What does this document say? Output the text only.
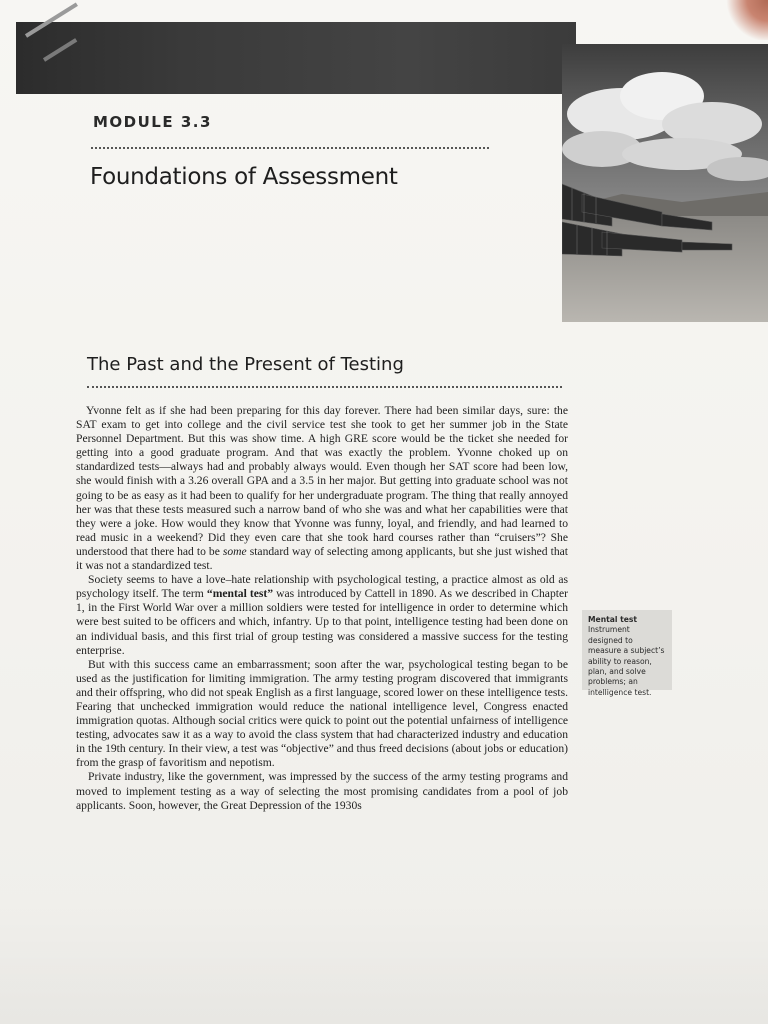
MODULE 3.3
Foundations of Assessment
The Past and the Present of Testing

Yvonne felt as if she had been preparing for this day forever. There had been similar days, sure: the SAT exam to get into college and the civil service test she took to get her summer job in the State Personnel Department. But this was show time. A high GRE score would be the ticket she needed for getting into a good graduate program. And that was exactly the problem. Yvonne choked up on standardized tests—always had and probably always would. Even though her SAT score had been low, she would finish with a 3.26 overall GPA and a 3.5 in her major. But getting into graduate school was not going to be as easy as it had been to qualify for her undergraduate program. The thing that really annoyed her was that these tests measured such a narrow band of who she was and what her capabilities were that they were a joke. How would they know that Yvonne was funny, loyal, and friendly, and had learned to read music in a weekend? Did they even care that she took hard courses rather than “cruisers”? She understood that there had to be some standard way of selecting among applicants, but she just wished that it was not a standardized test.

Society seems to have a love–hate relationship with psychological testing, a practice almost as old as psychology itself. The term “mental test” was introduced by Cattell in 1890. As we described in Chapter 1, in the First World War over a million soldiers were tested for intelligence in order to determine which were best suited to be officers and which, infantry. Up to that point, intelligence testing had been done on an individual basis, and this first trial of group testing was considered a massive success for the testing enterprise.

But with this success came an embarrassment; soon after the war, psychological testing began to be used as the justification for limiting immigration. The army testing program discovered that immigrants and their offspring, who did not speak English as a first language, scored lower on these intelligence tests. Fearing that unchecked immigration would reduce the national intelligence level, Congress enacted immigration quotas. Although social critics were quick to point out the potential unfairness of intelligence testing, advocates saw it as a way to avoid the class system that had characterized industry and education in the 19th century. In their view, a test was “objective” and thus freed decisions (about jobs or education) from the grasp of favoritism and nepotism.

Private industry, like the government, was impressed by the success of the army testing programs and moved to implement testing as a way of selecting the most promising candidates from a pool of job applicants. Soon, however, the Great Depression of the 1930s

Mental test Instrument designed to measure a subject’s ability to reason, plan, and solve problems; an intelligence test.
